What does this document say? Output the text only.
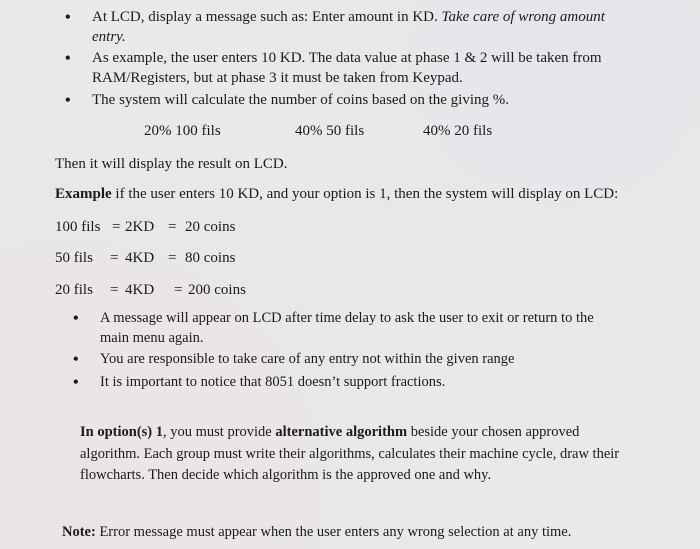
• At LCD, display a message such as: Enter amount in KD. Take care of wrong amount
entry.
• As example, the user enters 10 KD. The data value at phase 1 & 2 will be taken from
RAM/Registers, but at phase 3 it must be taken from Keypad.
• The system will calculate the number of coins based on the giving %.
20% 100 fils	40% 50 fils	40% 20 fils
Then it will display the result on LCD.
Example if the user enters 10 KD, and your option is 1, then the system will display on LCD:
100 fils = 2KD = 20 coins
50 fils = 4KD = 80 coins
20 fils = 4KD = 200 coins
• A message will appear on LCD after time delay to ask the user to exit or return to the
main menu again.
• You are responsible to take care of any entry not within the given range
• It is important to notice that 8051 doesn’t support fractions.
In option(s) 1, you must provide alternative algorithm beside your chosen approved
algorithm. Each group must write their algorithms, calculates their machine cycle, draw their
flowcharts. Then decide which algorithm is the approved one and why.
Note: Error message must appear when the user enters any wrong selection at any time.
